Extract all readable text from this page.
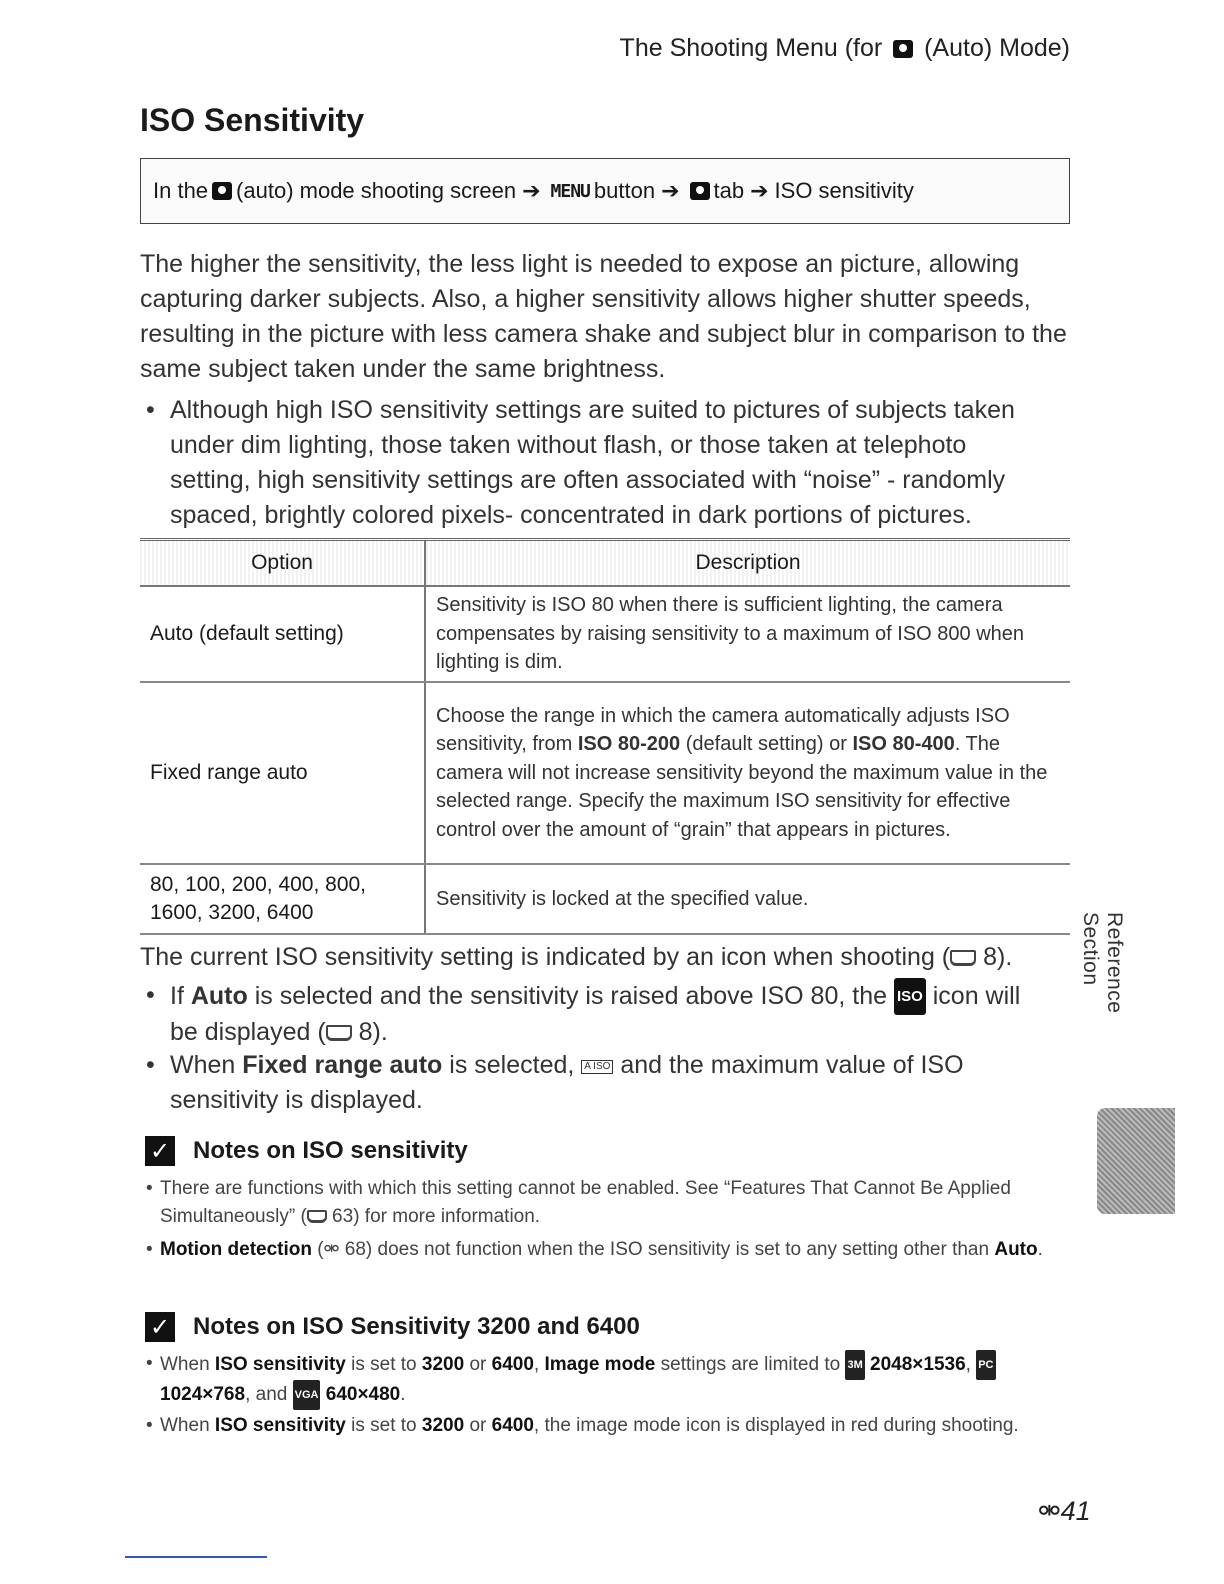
The Shooting Menu (for (Auto) Mode)
ISO Sensitivity
In the (auto) mode shooting screen ➔ MENU button ➔ tab ➔ ISO sensitivity

The higher the sensitivity, the less light is needed to expose an picture, allowing capturing darker subjects. Also, a higher sensitivity allows higher shutter speeds, resulting in the picture with less camera shake and subject blur in comparison to the same subject taken under the same brightness.

• Although high ISO sensitivity settings are suited to pictures of subjects taken under dim lighting, those taken without flash, or those taken at telephoto setting, high sensitivity settings are often associated with “noise” - randomly spaced, brightly colored pixels- concentrated in dark portions of pictures.
Option	Description
Auto (default setting)	Sensitivity is ISO 80 when there is sufficient lighting, the camera compensates by raising sensitivity to a maximum of ISO 800 when lighting is dim.
Fixed range auto	Choose the range in which the camera automatically adjusts ISO sensitivity, from ISO 80-200 (default setting) or ISO 80-400. The camera will not increase sensitivity beyond the maximum value in the selected range. Specify the maximum ISO sensitivity for effective control over the amount of “grain” that appears in pictures.
80, 100, 200, 400, 800, 1600, 3200, 6400	Sensitivity is locked at the specified value.

The current ISO sensitivity setting is indicated by an icon when shooting ( 8).

• If Auto is selected and the sensitivity is raised above ISO 80, the ISO icon will be displayed ( 8).
• When Fixed range auto is selected, A ISO and the maximum value of ISO sensitivity is displayed.
✓ Notes on ISO sensitivity
• There are functions with which this setting cannot be enabled. See “Features That Cannot Be Applied Simultaneously” ( 63) for more information.
• Motion detection (⚮ 68) does not function when the ISO sensitivity is set to any setting other than Auto.
✓ Notes on ISO Sensitivity 3200 and 6400
• When ISO sensitivity is set to 3200 or 6400, Image mode settings are limited to 3M 2048×1536, PC 1024×768, and VGA 640×480.
• When ISO sensitivity is set to 3200 or 6400, the image mode icon is displayed in red during shooting.
Reference Section
⚮41
